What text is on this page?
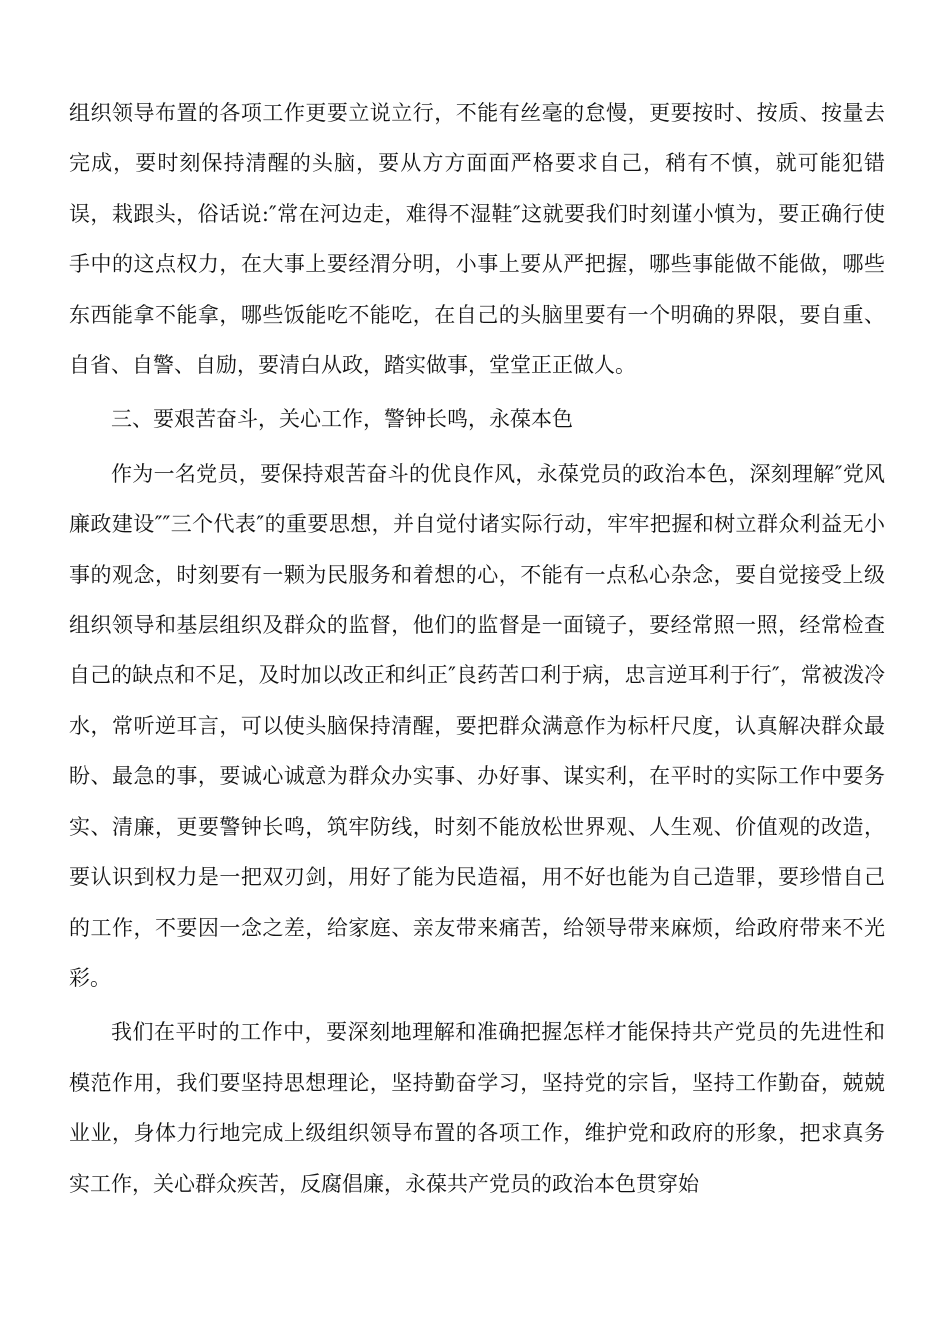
组织领导布置的各项工作更要立说立行，不能有丝毫的怠慢，更要按时、按质、按量去完成，要时刻保持清醒的头脑，要从方方面面严格要求自己，稍有不慎，就可能犯错误，栽跟头，俗话说:″常在河边走，难得不湿鞋″这就要我们时刻谨小慎为，要正确行使手中的这点权力，在大事上要经渭分明，小事上要从严把握，哪些事能做不能做，哪些东西能拿不能拿，哪些饭能吃不能吃，在自己的头脑里要有一个明确的界限，要自重、自省、自警、自励，要清白从政，踏实做事，堂堂正正做人。

三、要艰苦奋斗，关心工作，警钟长鸣，永葆本色

作为一名党员，要保持艰苦奋斗的优良作风，永葆党员的政治本色，深刻理解″党风廉政建设″″三个代表″的重要思想，并自觉付诸实际行动，牢牢把握和树立群众利益无小事的观念，时刻要有一颗为民服务和着想的心，不能有一点私心杂念，要自觉接受上级组织领导和基层组织及群众的监督，他们的监督是一面镜子，要经常照一照，经常检查自己的缺点和不足，及时加以改正和纠正″良药苦口利于病，忠言逆耳利于行″，常被泼冷水，常听逆耳言，可以使头脑保持清醒，要把群众满意作为标杆尺度，认真解决群众最盼、最急的事，要诚心诚意为群众办实事、办好事、谋实利，在平时的实际工作中要务实、清廉，更要警钟长鸣，筑牢防线，时刻不能放松世界观、人生观、价值观的改造，要认识到权力是一把双刃剑，用好了能为民造福，用不好也能为自己造罪，要珍惜自己的工作，不要因一念之差，给家庭、亲友带来痛苦，给领导带来麻烦，给政府带来不光彩。

我们在平时的工作中，要深刻地理解和准确把握怎样才能保持共产党员的先进性和模范作用，我们要坚持思想理论，坚持勤奋学习，坚持党的宗旨，坚持工作勤奋，兢兢业业，身体力行地完成上级组织领导布置的各项工作，维护党和政府的形象，把求真务实工作，关心群众疾苦，反腐倡廉，永葆共产党员的政治本色贯穿始
